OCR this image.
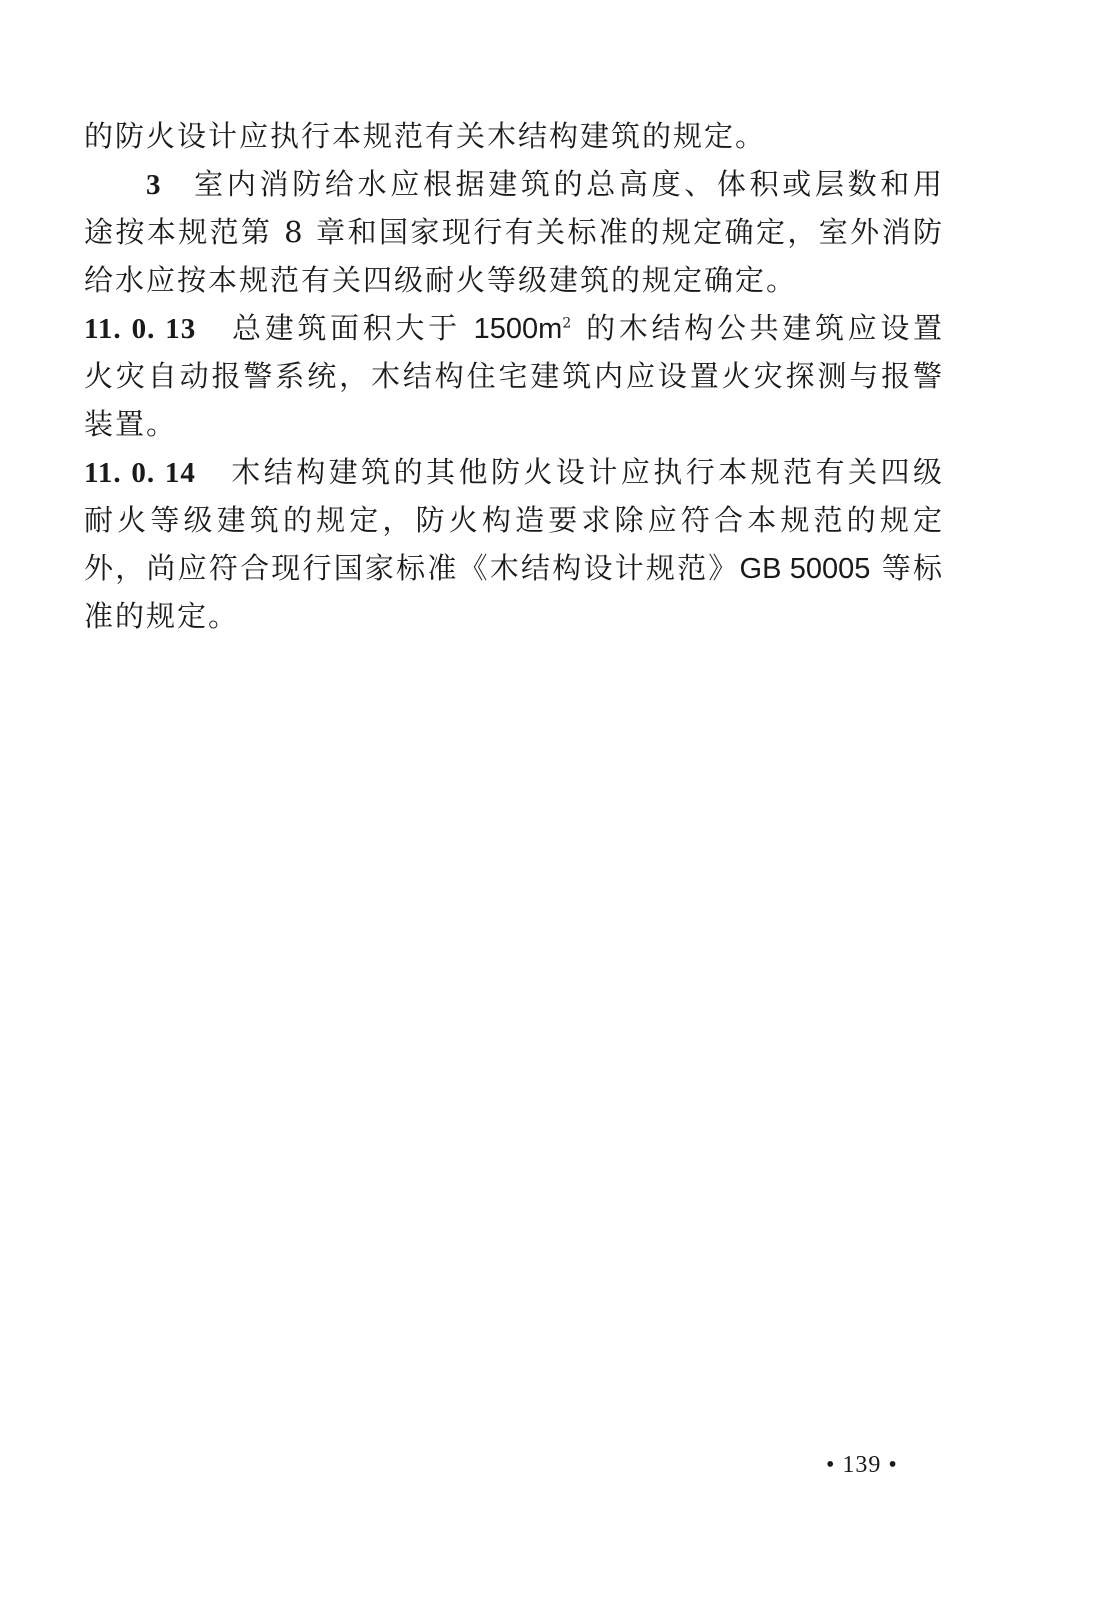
的防火设计应执行本规范有关木结构建筑的规定。
3 室内消防给水应根据建筑的总高度、体积或层数和用
途按本规范第 8 章和国家现行有关标准的规定确定，室外消防
给水应按本规范有关四级耐火等级建筑的规定确定。
11. 0. 13 总建筑面积大于 $1500m^2$ 的木结构公共建筑应设置
火灾自动报警系统，木结构住宅建筑内应设置火灾探测与报警
装置。
11. 0. 14 木结构建筑的其他防火设计应执行本规范有关四级
耐火等级建筑的规定，防火构造要求除应符合本规范的规定
外，尚应符合现行国家标准《木结构设计规范》GB 50005 等标
准的规定。
• 139 •
